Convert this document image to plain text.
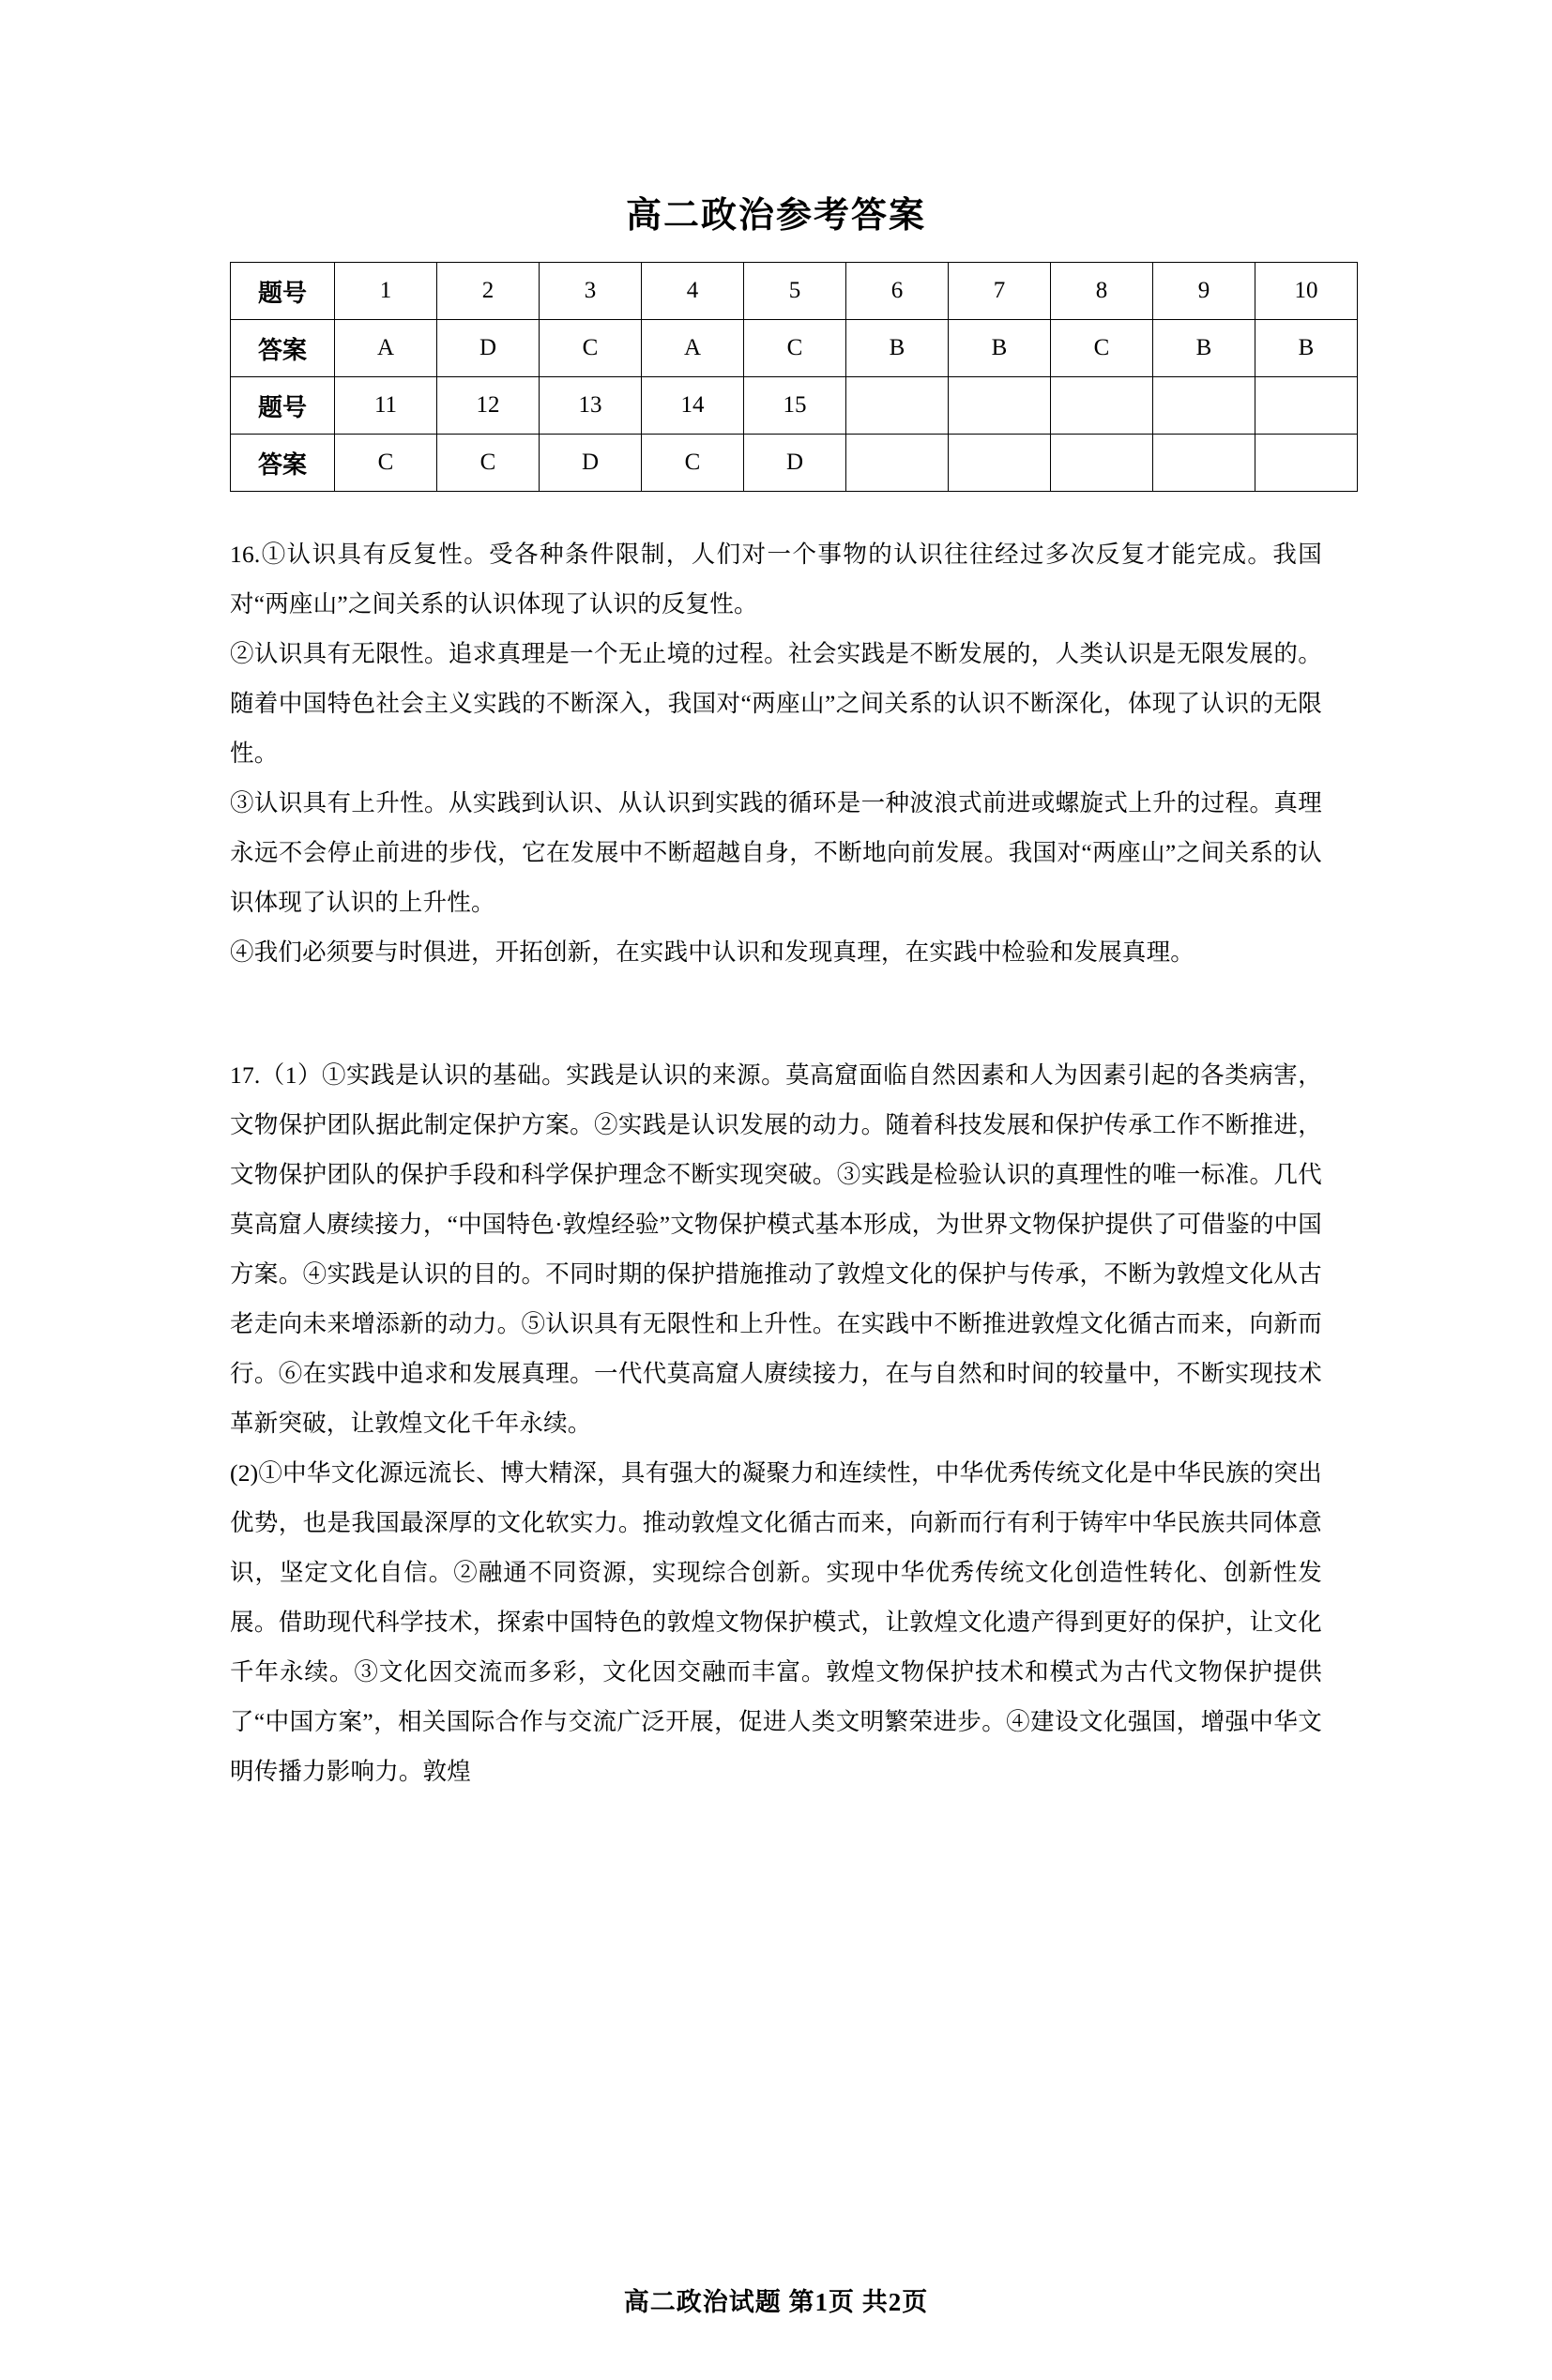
高二政治参考答案
题号	1	2	3	4	5	6	7	8	9	10
答案	A	D	C	A	C	B	B	C	B	B
题号	11	12	13	14	15					
答案	C	C	D	C	D					

16.①认识具有反复性。受各种条件限制，人们对一个事物的认识往往经过多次反复才能完成。我国对“两座山”之间关系的认识体现了认识的反复性。

②认识具有无限性。追求真理是一个无止境的过程。社会实践是不断发展的，人类认识是无限发展的。随着中国特色社会主义实践的不断深入，我国对“两座山”之间关系的认识不断深化，体现了认识的无限性。

③认识具有上升性。从实践到认识、从认识到实践的循环是一种波浪式前进或螺旋式上升的过程。真理永远不会停止前进的步伐，它在发展中不断超越自身，不断地向前发展。我国对“两座山”之间关系的认识体现了认识的上升性。

④我们必须要与时俱进，开拓创新，在实践中认识和发现真理，在实践中检验和发展真理。

17.（1）①实践是认识的基础。实践是认识的来源。莫高窟面临自然因素和人为因素引起的各类病害，文物保护团队据此制定保护方案。②实践是认识发展的动力。随着科技发展和保护传承工作不断推进，文物保护团队的保护手段和科学保护理念不断实现突破。③实践是检验认识的真理性的唯一标准。几代莫高窟人赓续接力，“中国特色·敦煌经验”文物保护模式基本形成，为世界文物保护提供了可借鉴的中国方案。④实践是认识的目的。不同时期的保护措施推动了敦煌文化的保护与传承，不断为敦煌文化从古老走向未来增添新的动力。⑤认识具有无限性和上升性。在实践中不断推进敦煌文化循古而来，向新而行。⑥在实践中追求和发展真理。一代代莫高窟人赓续接力，在与自然和时间的较量中，不断实现技术革新突破，让敦煌文化千年永续。

(2)①中华文化源远流长、博大精深，具有强大的凝聚力和连续性，中华优秀传统文化是中华民族的突出优势，也是我国最深厚的文化软实力。推动敦煌文化循古而来，向新而行有利于铸牢中华民族共同体意识，坚定文化自信。②融通不同资源，实现综合创新。实现中华优秀传统文化创造性转化、创新性发展。借助现代科学技术，探索中国特色的敦煌文物保护模式，让敦煌文化遗产得到更好的保护，让文化千年永续。③文化因交流而多彩，文化因交融而丰富。敦煌文物保护技术和模式为古代文物保护提供了“中国方案”，相关国际合作与交流广泛开展，促进人类文明繁荣进步。④建设文化强国，增强中华文明传播力影响力。敦煌

高二政治试题 第1页 共2页
